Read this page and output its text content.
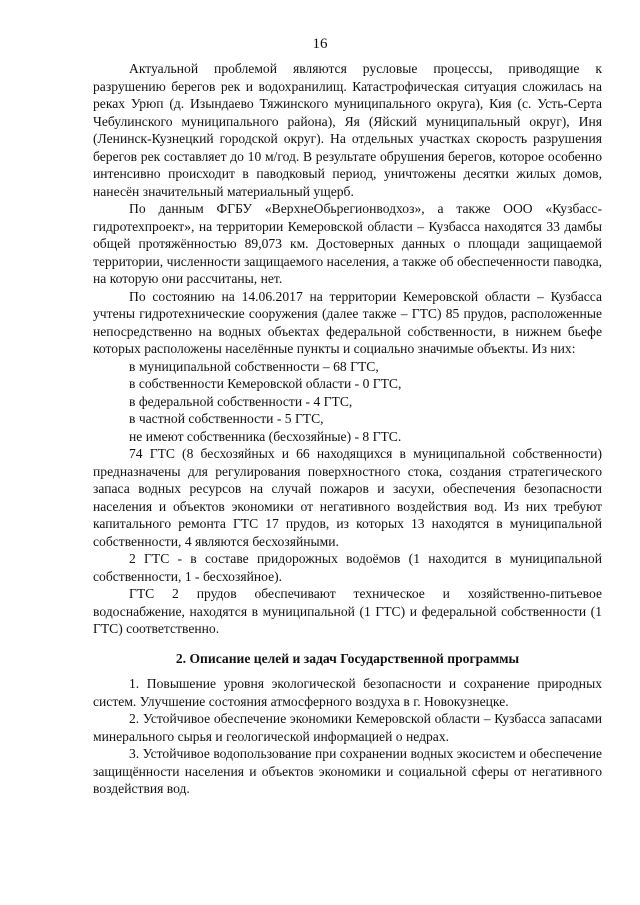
16

Актуальной проблемой являются русловые процессы, приводящие к разрушению берегов рек и водохранилищ. Катастрофическая ситуация сложилась на реках Урюп (д. Изындаево Тяжинского муниципального округа), Кия (с. Усть-Серта Чебулинского муниципального района), Яя (Яйский муниципальный округ), Иня (Ленинск-Кузнецкий городской округ). На отдельных участках скорость разрушения берегов рек составляет до 10 м/год. В результате обрушения берегов, которое особенно интенсивно происходит в паводковый период, уничтожены десятки жилых домов, нанесён значительный материальный ущерб.

По данным ФГБУ «ВерхнеОбьрегионводхоз», а также ООО «Кузбасс-гидротехпроект», на территории Кемеровской области – Кузбасса находятся 33 дамбы общей протяжённостью 89,073 км. Достоверных данных о площади защищаемой территории, численности защищаемого населения, а также об обеспеченности паводка, на которую они рассчитаны, нет.

По состоянию на 14.06.2017 на территории Кемеровской области – Кузбасса учтены гидротехнические сооружения (далее также – ГТС) 85 прудов, расположенные непосредственно на водных объектах федеральной собственности, в нижнем бьефе которых расположены населённые пункты и социально значимые объекты. Из них:

в муниципальной собственности – 68 ГТС,

в собственности Кемеровской области - 0 ГТС,

в федеральной собственности - 4 ГТС,

в частной собственности - 5 ГТС,

не имеют собственника (бесхозяйные) - 8 ГТС.

74 ГТС (8 бесхозяйных и 66 находящихся в муниципальной собственности) предназначены для регулирования поверхностного стока, создания стратегического запаса водных ресурсов на случай пожаров и засухи, обеспечения безопасности населения и объектов экономики от негативного воздействия вод. Из них требуют капитального ремонта ГТС 17 прудов, из которых 13 находятся в муниципальной собственности, 4 являются бесхозяйными.

2 ГТС - в составе придорожных водоёмов (1 находится в муниципальной собственности, 1 - бесхозяйное).

ГТС 2 прудов обеспечивают техническое и хозяйственно-питьевое водоснабжение, находятся в муниципальной (1 ГТС) и федеральной собственности (1 ГТС) соответственно.

2. Описание целей и задач Государственной программы

1. Повышение уровня экологической безопасности и сохранение природных систем. Улучшение состояния атмосферного воздуха в г. Новокузнецке.

2. Устойчивое обеспечение экономики Кемеровской области – Кузбасса запасами минерального сырья и геологической информацией о недрах.

3. Устойчивое водопользование при сохранении водных экосистем и обеспечение защищённости населения и объектов экономики и социальной сферы от негативного воздействия вод.
